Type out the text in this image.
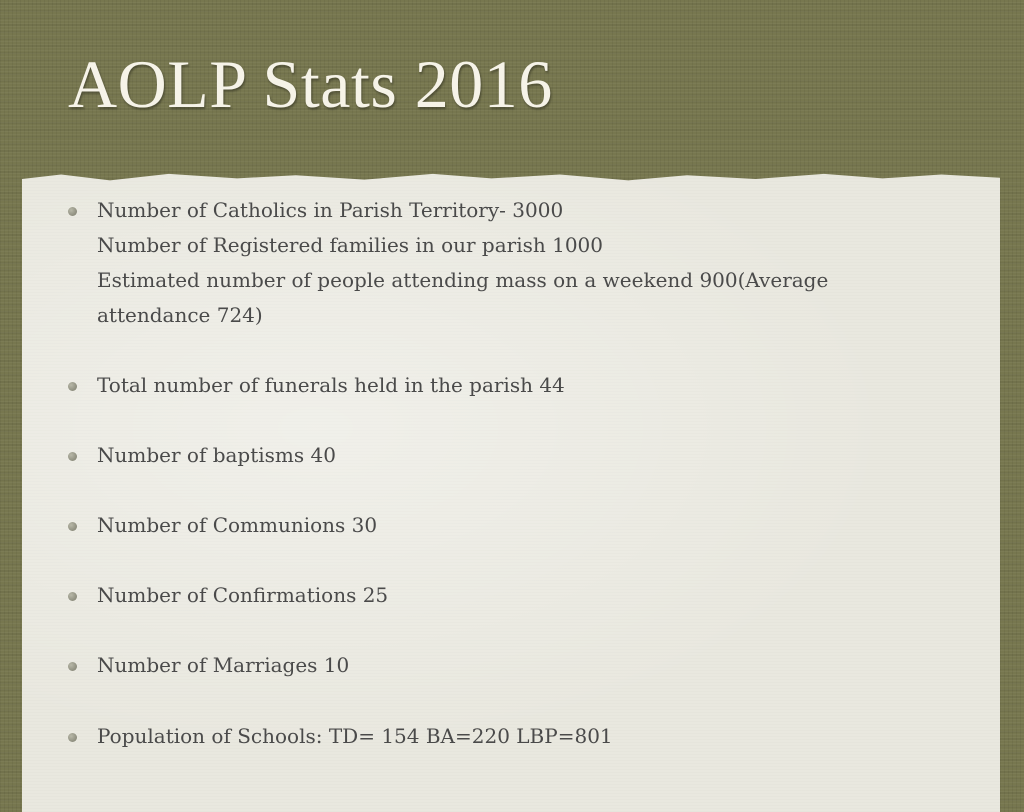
AOLP Stats 2016
Number of Catholics in Parish Territory- 3000
Number of Registered families in our parish 1000
Estimated number of people attending mass on a weekend 900(Average
attendance 724)
Total number of funerals held in the parish 44
Number of baptisms 40
Number of Communions 30
Number of Confirmations 25
Number of Marriages 10
Population of Schools: TD= 154 BA=220 LBP=801
